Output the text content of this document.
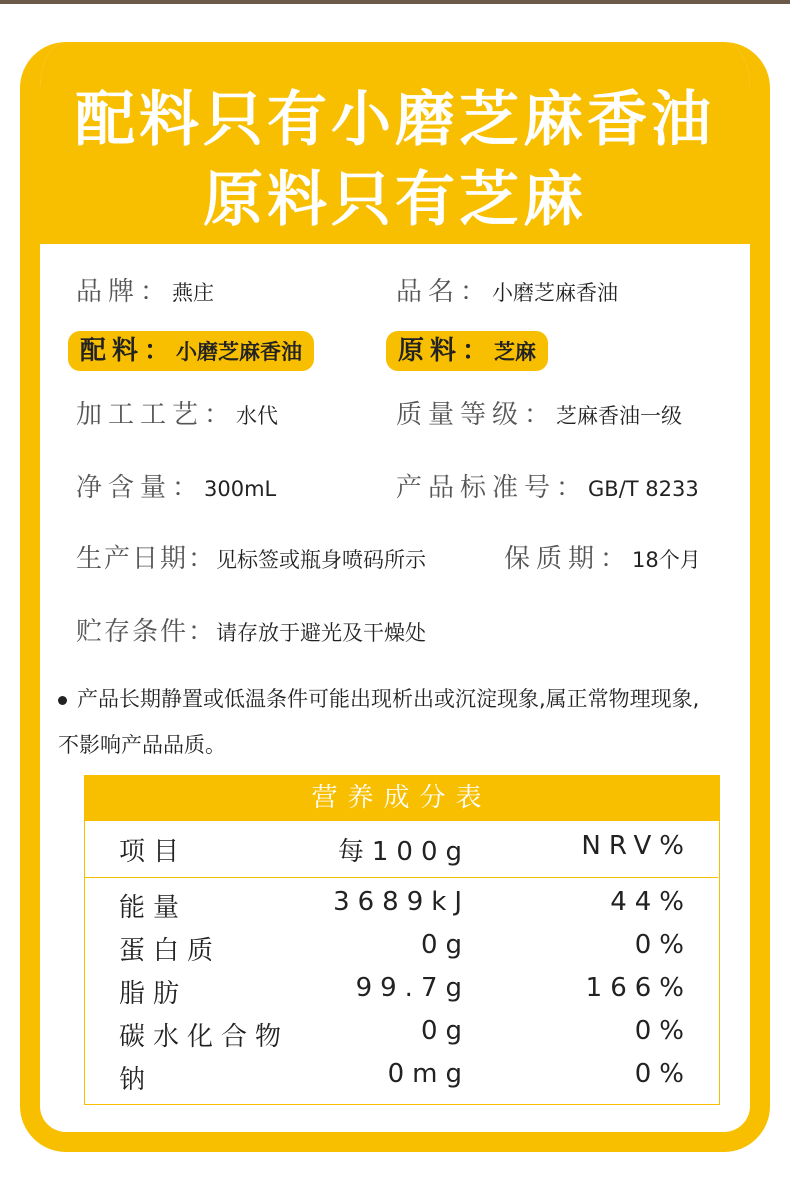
配料只有小磨芝麻香油
原料只有芝麻
品牌：燕庄	品名：小磨芝麻香油
配料：小磨芝麻香油	原料：芝麻
加工工艺：水代	质量等级：芝麻香油一级
净含量：300mL	产品标准号：GB/T 8233
生产日期：见标签或瓶身喷码所示	保质期：18个月
贮存条件：请存放于避光及干燥处
产品长期静置或低温条件可能出现析出或沉淀现象,属正常物理现象,不影响产品品质。
营养成分表
项目	每100g	NRV%
能量	3689kJ	44%
蛋白质	0g	0%
脂肪	99.7g	166%
碳水化合物	0g	0%
钠	0mg	0%
